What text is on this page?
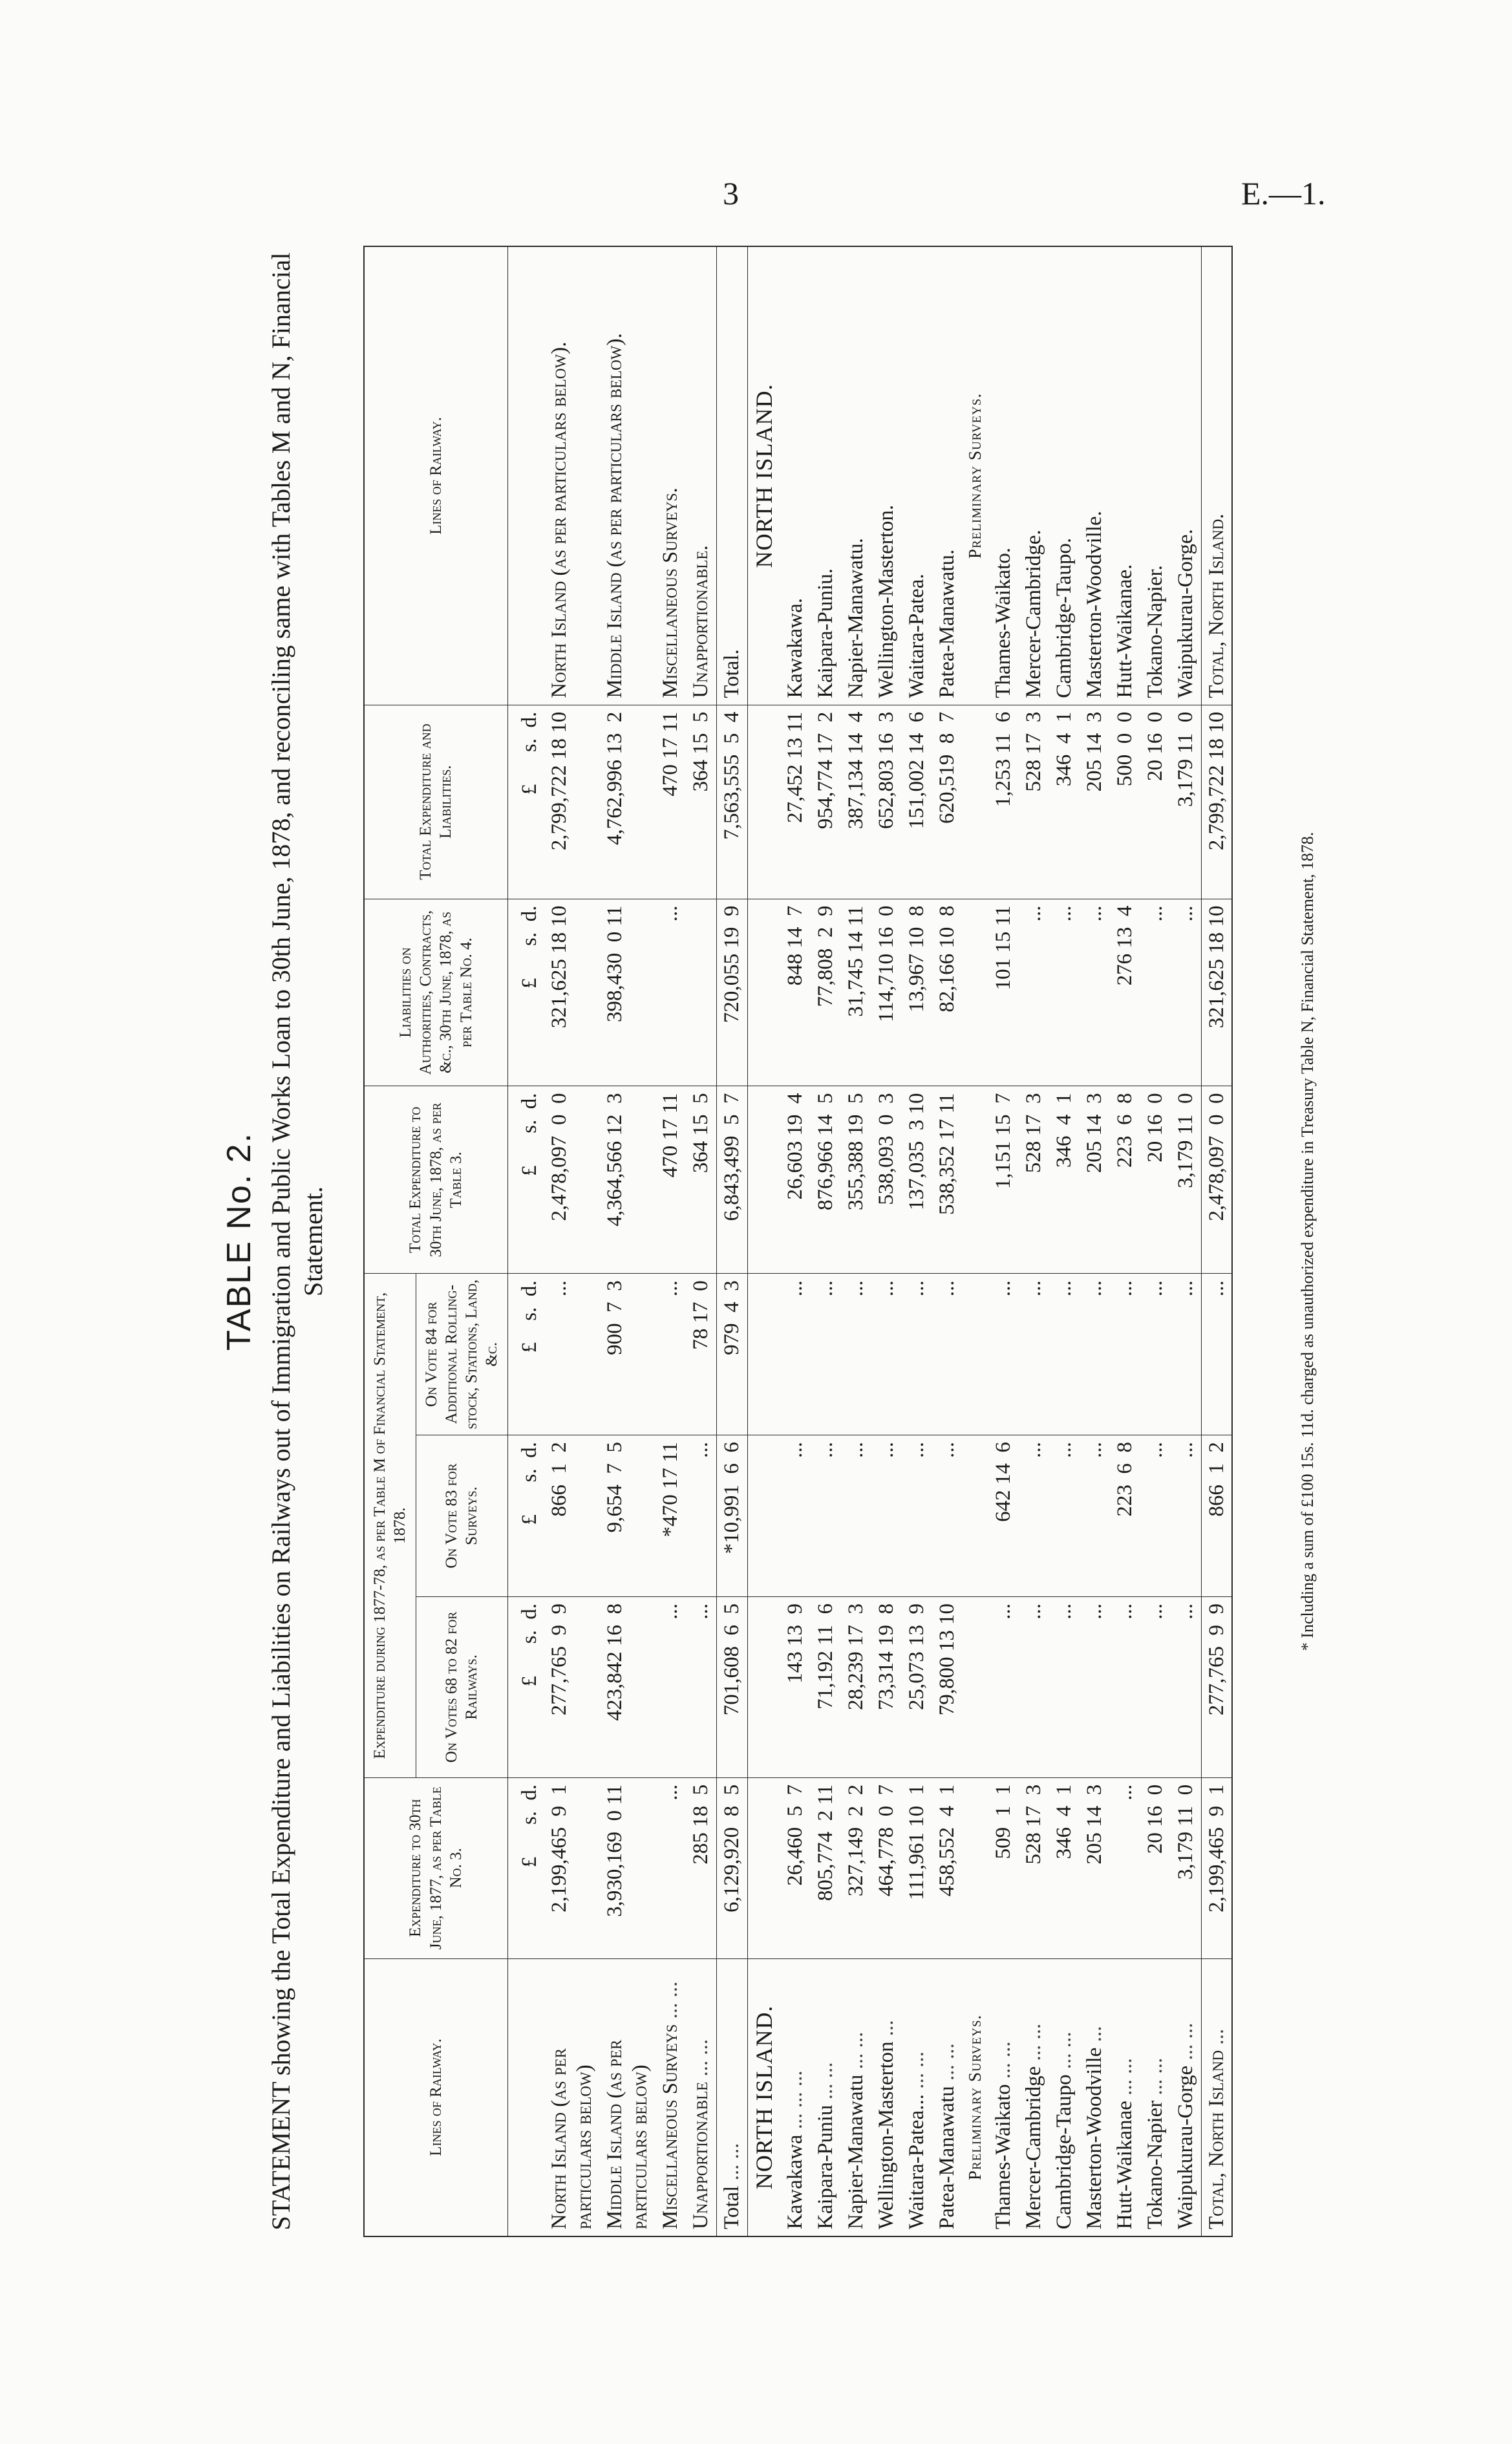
3	E.—1.
TABLE No. 2. STATEMENT showing the Total Expenditure and Liabilities on Railways out of Immigration and Public Works Loan to 30th June, 1878, and reconciling same with Tables M and N, Financial Statement.
Lines of Railway.	Expenditure to 30th June, 1877, as per Table No. 3.	Expenditure during 1877-78, as per Table M of Financial Statement, 1878.			Total Expenditure to 30th June, 1878, as per Table 3.	Liabilities on Authorities, Contracts, &c., 30th June, 1878, as per Table No. 4.	Total Expenditure and Liabilities.	Lines of Railway.
		On Votes 68 to 82 for Railways.	On Vote 83 for Surveys.	On Vote 84 for Additional Rolling-stock, Stations, Land, &c.				
	£      s.  d.	£      s.  d.	£      s.  d.	£    s.  d.	£      s.  d.	£      s.  d.	£      s.  d.	
North Island (as per particulars below)	2,199,465  9  1	277,765  9  9	866  1  2	...	2,478,097  0  0	321,625 18 10	2,799,722 18 10	North Island (as per particulars below).
Middle Island (as per particulars below)	3,930,169  0 11	423,842 16  8	9,654  7  5	900  7  3	4,364,566 12  3	398,430  0 11	4,762,996 13  2	Middle Island (as per particulars below).
Miscellaneous Surveys ... ...	...	...	*470 17 11	...	470 17 11	...	470 17 11	Miscellaneous Surveys.
Unapportionable ... ...	285 18  5	...	...	78 17  0	364 15  5		364 15  5	Unapportionable.
Total ... ...	6,129,920  8  5	701,608  6  5	*10,991  6  6	979  4  3	6,843,499  5  7	720,055 19  9	7,563,555  5  4	Total.
NORTH ISLAND.								NORTH ISLAND.
Kawakawa ... ... ...	26,460  5  7	143 13  9	...	...	26,603 19  4	848 14  7	27,452 13 11	Kawakawa.
Kaipara-Puniu ... ...	805,774  2 11	71,192 11  6	...	...	876,966 14  5	77,808  2  9	954,774 17  2	Kaipara-Puniu.
Napier-Manawatu ... ...	327,149  2  2	28,239 17  3	...	...	355,388 19  5	31,745 14 11	387,134 14  4	Napier-Manawatu.
Wellington-Masterton ...	464,778  0  7	73,314 19  8	...	...	538,093  0  3	114,710 16  0	652,803 16  3	Wellington-Masterton.
Waitara-Patea... ... ...	111,961 10  1	25,073 13  9	...	...	137,035  3 10	13,967 10  8	151,002 14  6	Waitara-Patea.
Patea-Manawatu ... ...	458,552  4  1	79,800 13 10	...	...	538,352 17 11	82,166 10  8	620,519  8  7	Patea-Manawatu.
Preliminary Surveys.								Preliminary Surveys.
Thames-Waikato ... ...	509  1  1	...	642 14  6	...	1,151 15  7	101 15 11	1,253 11  6	Thames-Waikato.
Mercer-Cambridge ... ...	528 17  3	...	...	...	528 17  3	...	528 17  3	Mercer-Cambridge.
Cambridge-Taupo ... ...	346  4  1	...	...	...	346  4  1	...	346  4  1	Cambridge-Taupo.
Masterton-Woodville ...	205 14  3	...	...	...	205 14  3	...	205 14  3	Masterton-Woodville.
Hutt-Waikanae ... ...	...	...	223  6  8	...	223  6  8	276 13  4	500  0  0	Hutt-Waikanae.
Tokano-Napier ... ...	20 16  0	...	...	...	20 16  0	...	20 16  0	Tokano-Napier.
Waipukurau-Gorge ... ...	3,179 11  0	...	...	...	3,179 11  0	...	3,179 11  0	Waipukurau-Gorge.
Total, North Island ...	2,199,465  9  1	277,765  9  9	866  1  2	...	2,478,097  0  0	321,625 18 10	2,799,722 18 10	Total, North Island.
* Including a sum of £100 15s. 11d. charged as unauthorized expenditure in Treasury Table N, Financial Statement, 1878.
